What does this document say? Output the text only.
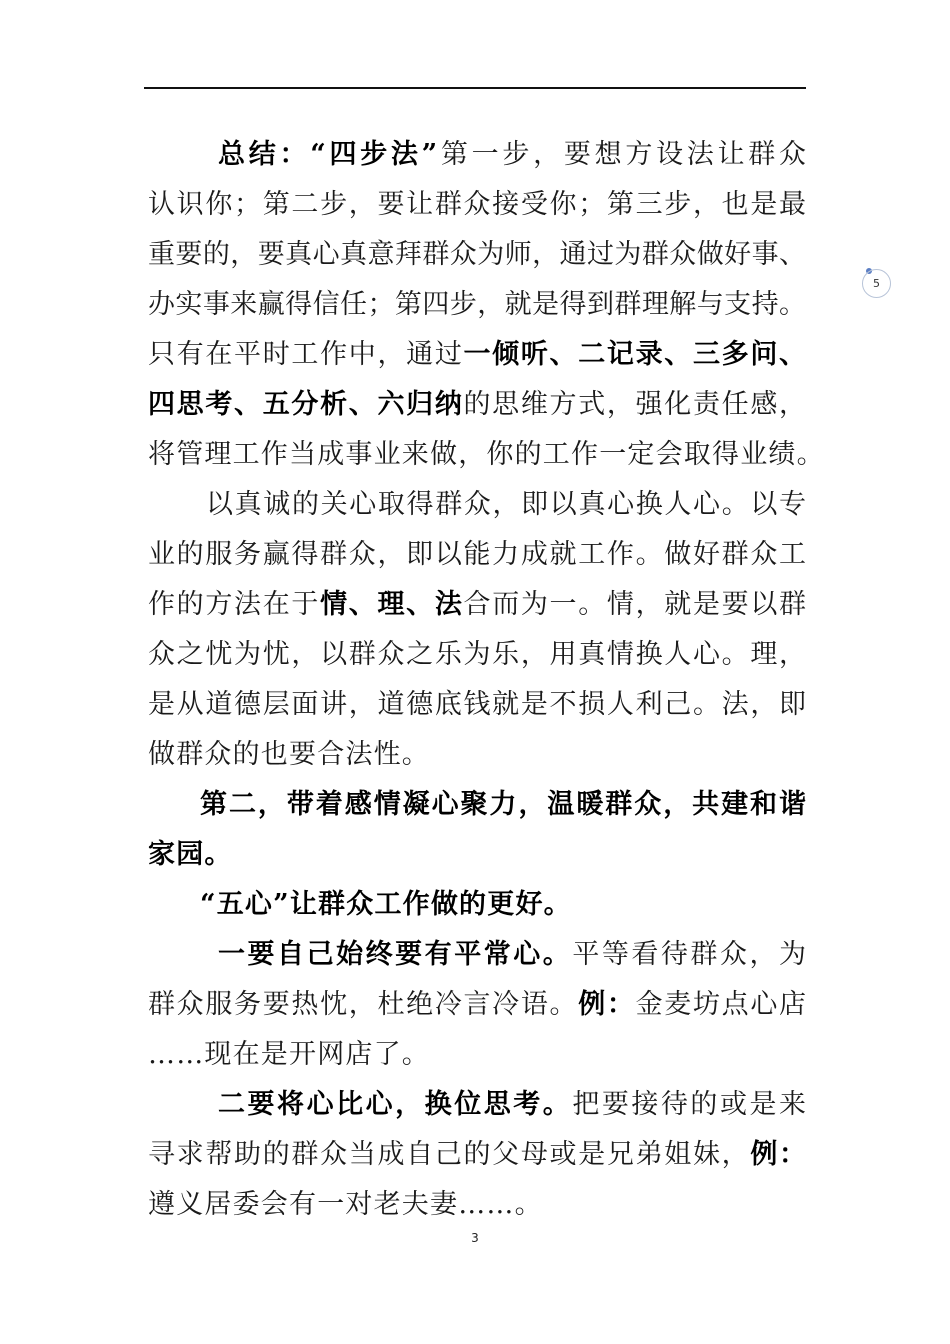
5
总结：“四步法”第一步，要想方设法让群众
认识你；第二步，要让群众接受你；第三步，也是最
重要的，要真心真意拜群众为师，通过为群众做好事、
办实事来赢得信任；第四步，就是得到群理解与支持。
只有在平时工作中，通过一倾听、二记录、三多问、
四思考、五分析、六归纳的思维方式，强化责任感，
将管理工作当成事业来做，你的工作一定会取得业绩。
以真诚的关心取得群众，即以真心换人心。以专
业的服务赢得群众，即以能力成就工作。做好群众工
作的方法在于情、理、法合而为一。情，就是要以群
众之忧为忧，以群众之乐为乐，用真情换人心。理，
是从道德层面讲，道德底钱就是不损人利己。法，即
做群众的也要合法性。
第二，带着感情凝心聚力，温暖群众，共建和谐
家园。
“五心”让群众工作做的更好。
一要自己始终要有平常心。平等看待群众，为
群众服务要热忱，杜绝冷言冷语。例：金麦坊点心店
……现在是开网店了。
二要将心比心，换位思考。把要接待的或是来
寻求帮助的群众当成自己的父母或是兄弟姐妹，例：
遵义居委会有一对老夫妻……。
3
